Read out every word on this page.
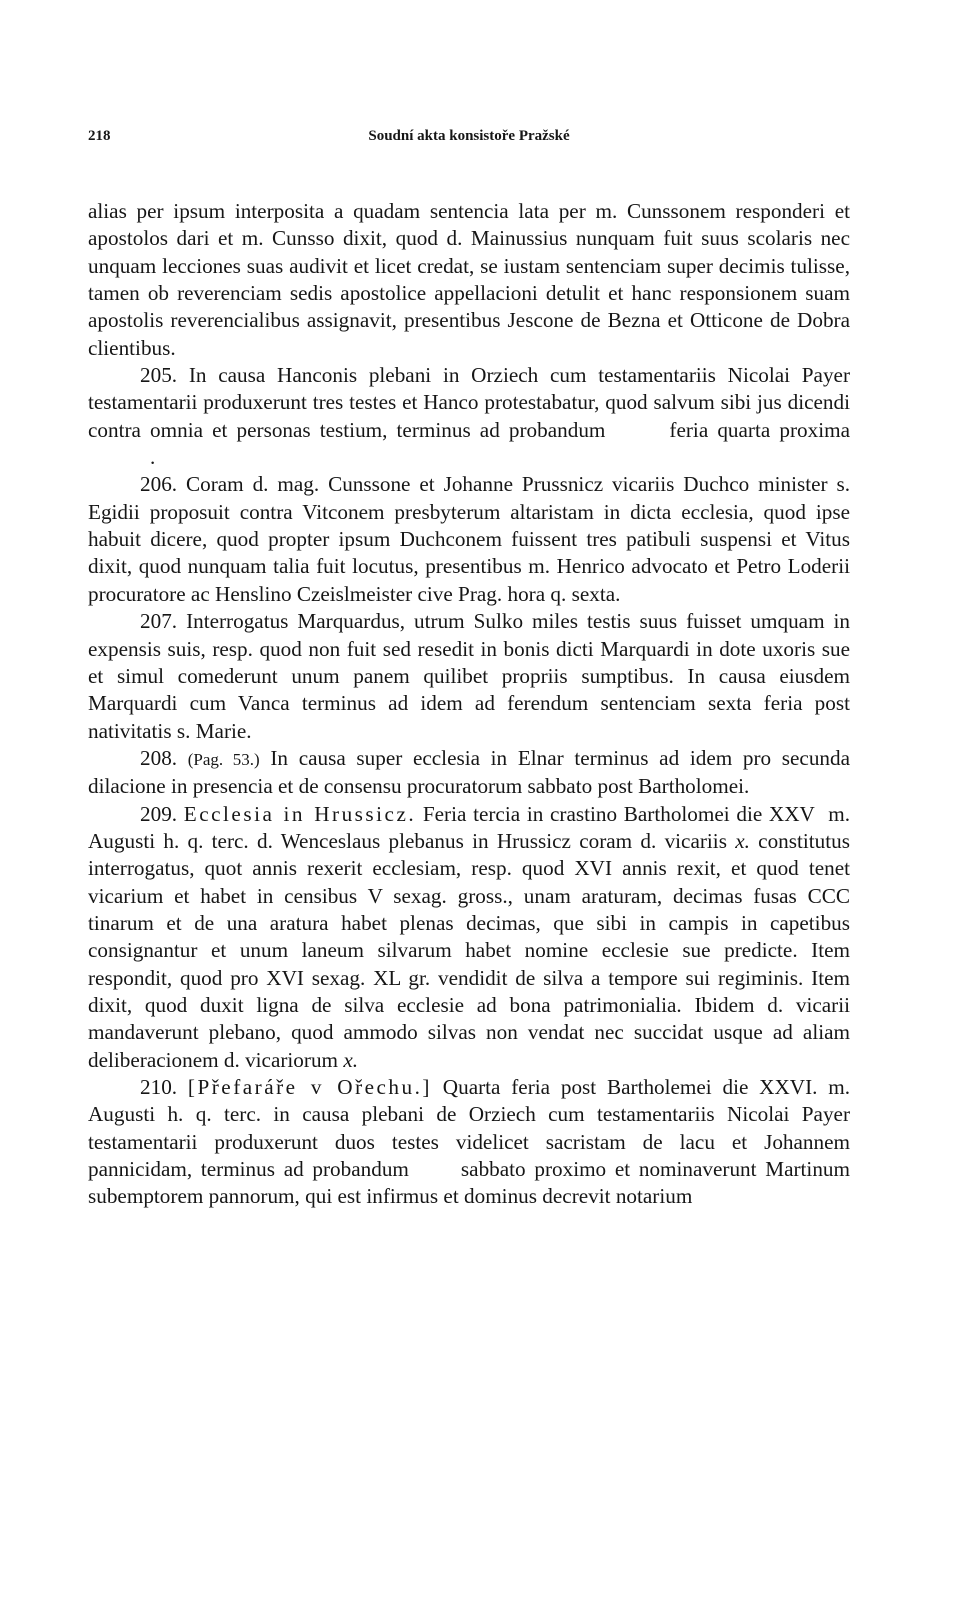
218	Soudní akta konsistoře Pražské

alias per ipsum interposita a quadam sentencia lata per m. Cunssonem responderi et apostolos dari et m. Cunsso dixit, quod d. Mainussius nunquam fuit suus scolaris nec unquam lecciones suas audivit et licet credat, se iustam sentenciam super decimis tulisse, tamen ob reverenciam sedis apostolice appellacioni detulit et hanc responsionem suam apostolis reverencialibus assignavit, presentibus Jescone de Bezna et Otticone de Dobra clientibus.

205. In causa Hanconis plebani in Orziech cum testamentariis Nicolai Payer testamentarii produxerunt tres testes et Hanco protestabatur, quod salvum sibi jus dicendi contra omnia et personas testium, terminus ad probandum	feria quarta proxima.

206. Coram d. mag. Cunssone et Johanne Prussnicz vicariis Duchco minister s. Egidii proposuit contra Vitconem presbyterum altaristam in dicta ecclesia, quod ipse habuit dicere, quod propter ipsum Duchconem fuissent tres patibuli suspensi et Vitus dixit, quod nunquam talia fuit locutus, presentibus m. Henrico advocato et Petro Loderii procuratore ac Henslino Czeislmeister cive Prag. hora q. sexta.

207. Interrogatus Marquardus, utrum Sulko miles testis suus fuisset umquam in expensis suis, resp. quod non fuit sed resedit in bonis dicti Marquardi in dote uxoris sue et simul comederunt unum panem quilibet propriis sumptibus. In causa eiusdem Marquardi cum Vanca terminus ad idem ad ferendum sentenciam sexta feria post nativitatis s. Marie.

208. (Pag. 53.) In causa super ecclesia in Elnar terminus ad idem pro secunda dilacione in presencia et de consensu procuratorum sabbato post Bartholomei.

209. Ecclesia in Hrussicz. Feria tercia in crastino Bartholomei die XXV m. Augusti h. q. terc. d. Wenceslaus plebanus in Hrussicz coram d. vicariis x. constitutus interrogatus, quot annis rexerit ecclesiam, resp. quod XVI annis rexit, et quod tenet vicarium et habet in censibus V sexag. gross., unam araturam, decimas fusas CCC tinarum et de una aratura habet plenas decimas, que sibi in campis in capetibus consignantur et unum laneum silvarum habet nomine ecclesie sue predicte. Item respondit, quod pro XVI sexag. XL gr. vendidit de silva a tempore sui regiminis. Item dixit, quod duxit ligna de silva ecclesie ad bona patrimonialia. Ibidem d. vicarii mandaverunt plebano, quod ammodo silvas non vendat nec succidat usque ad aliam deliberacionem d. vicariorum x.

210. [Přefaráře v Ořechu.] Quarta feria post Bartholemei die XXVI. m. Augusti h. q. terc. in causa plebani de Orziech cum testamentariis Nicolai Payer testamentarii produxerunt duos testes videlicet sacristam de lacu et Johannem pannicidam, terminus ad probandum sabbato proximo et nominaverunt Martinum subemptorem pannorum, qui est infirmus et dominus decrevit notarium
